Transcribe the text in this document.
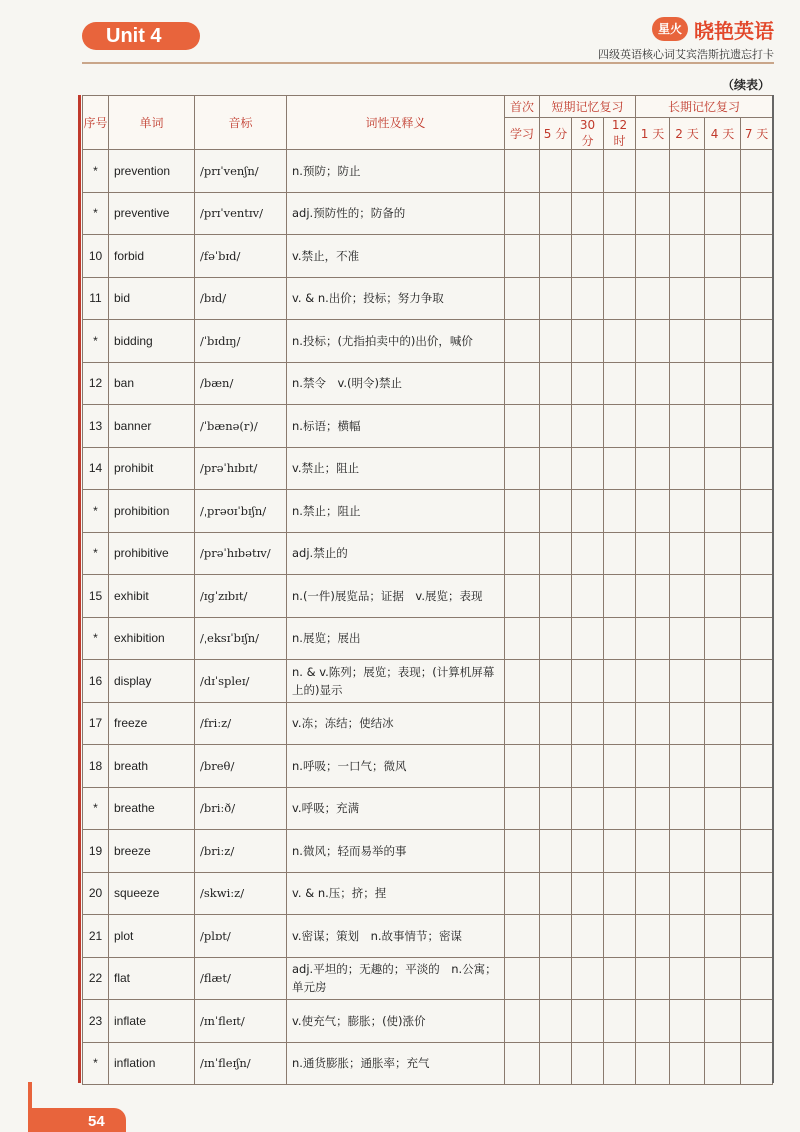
Unit 4	星火 晓艳英语
四级英语核心词艾宾浩斯抗遗忘打卡
（续表）
序号	单词	音标	词性及释义	首次	短期记忆复习			长期记忆复习			
				学习	5 分	30 分	12 时	1 天	2 天	4 天	7 天
*	prevention	/prɪˈvenʃn/	n.预防；防止								
*	preventive	/prɪˈventɪv/	adj.预防性的；防备的								
10	forbid	/fəˈbɪd/	v.禁止，不准								
11	bid	/bɪd/	v. & n.出价；投标；努力争取								
*	bidding	/ˈbɪdɪŋ/	n.投标；(尤指拍卖中的)出价，喊价								
12	ban	/bæn/	n.禁令　v.(明令)禁止								
13	banner	/ˈbænə(r)/	n.标语；横幅								
14	prohibit	/prəˈhɪbɪt/	v.禁止；阻止								
*	prohibition	/ˌprəʊɪˈbɪʃn/	n.禁止；阻止								
*	prohibitive	/prəˈhɪbətɪv/	adj.禁止的								
15	exhibit	/ɪgˈzɪbɪt/	n.(一件)展览品；证据　v.展览；表现								
*	exhibition	/ˌeksɪˈbɪʃn/	n.展览；展出								
16	display	/dɪˈspleɪ/	n. & v.陈列；展览；表现；(计算机屏幕上的)显示								
17	freeze	/friːz/	v.冻；冻结；使结冰								
18	breath	/breθ/	n.呼吸；一口气；微风								
*	breathe	/briːð/	v.呼吸；充满								
19	breeze	/briːz/	n.微风；轻而易举的事								
20	squeeze	/skwiːz/	v. & n.压；挤；捏								
21	plot	/plɒt/	v.密谋；策划　n.故事情节；密谋								
22	flat	/flæt/	adj.平坦的；无趣的；平淡的　n.公寓；单元房								
23	inflate	/ɪnˈfleɪt/	v.使充气；膨胀；(使)涨价								
*	inflation	/ɪnˈfleɪʃn/	n.通货膨胀；通胀率；充气								
54
